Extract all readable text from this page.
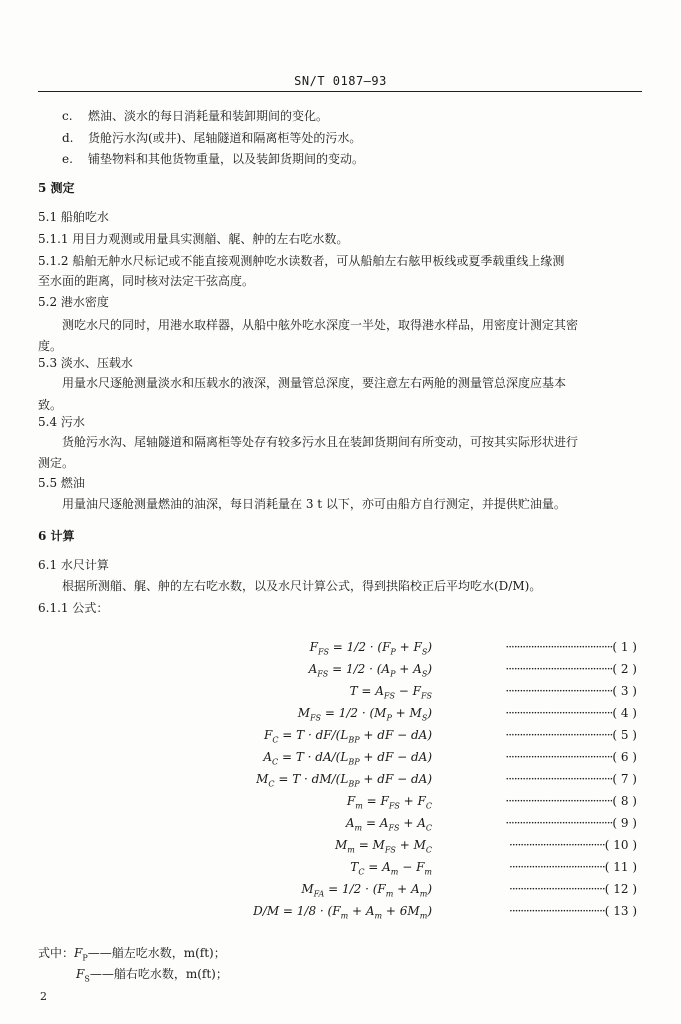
SN/T 0187—93
c. 燃油、淡水的每日消耗量和装卸期间的变化。
d. 货舱污水沟(或井)、尾轴隧道和隔离柜等处的污水。
e. 铺垫物料和其他货物重量，以及装卸货期间的变动。
5 测定
5.1 船舶吃水
5.1.1 用目力观测或用量具实测艏、艉、舯的左右吃水数。
5.1.2 船舶无舯水尺标记或不能直接观测舯吃水读数者，可从船舶左右舷甲板线或夏季载重线上缘测
至水面的距离，同时核对法定干弦高度。
5.2 港水密度
测吃水尺的同时，用港水取样器，从船中舷外吃水深度一半处，取得港水样品，用密度计测定其密
度。
5.3 淡水、压载水
用量水尺逐舱测量淡水和压载水的液深，测量管总深度，要注意左右两舱的测量管总深度应基本
致。
5.4 污水
货舱污水沟、尾轴隧道和隔离柜等处存有较多污水且在装卸货期间有所变动，可按其实际形状进行
测定。
5.5 燃油
用量油尺逐舱测量燃油的油深，每日消耗量在 3 t 以下，亦可由船方自行测定，并提供贮油量。
6 计算
6.1 水尺计算
根据所测艏、艉、舯的左右吃水数，以及水尺计算公式，得到拱陷校正后平均吃水(D/M)。
6.1.1 公式：
$F_{FS} = 1/2 \cdot (F_P + F_S)$	······································( 1 )
$A_{FS} = 1/2 \cdot (A_P + A_S)$	······································( 2 )
$T = A_{FS} - F_{FS}$	······································( 3 )
$M_{FS} = 1/2 \cdot (M_P + M_S)$	······································( 4 )
$F_C = T \cdot dF/(L_{BP}$ + dF − dA)	······································( 5 )
$A_C = T \cdot dA/(L_{BP}$ + dF − dA)	······································( 6 )
$M_C = T \cdot dM/(L_{BP}$ + dF − dA)	······································( 7 )
$F_m = F_{FS} + F_C$	······································( 8 )
$A_m = A_{FS} + A_C$	······································( 9 )
$M_m = M_{FS} + M_C$	··································( 10 )
$T_C = A_m - F_m$	··································( 11 )
$M_{FA} = 1/2 \cdot (F_m + A_m)$	··································( 12 )
$D/M = 1/8 \cdot (F_m + A_m + 6M_m)$	··································( 13 )
式中：$F_P——$艏左吃水数，m(ft)；
$F_S——$艏右吃水数，m(ft)；
2
